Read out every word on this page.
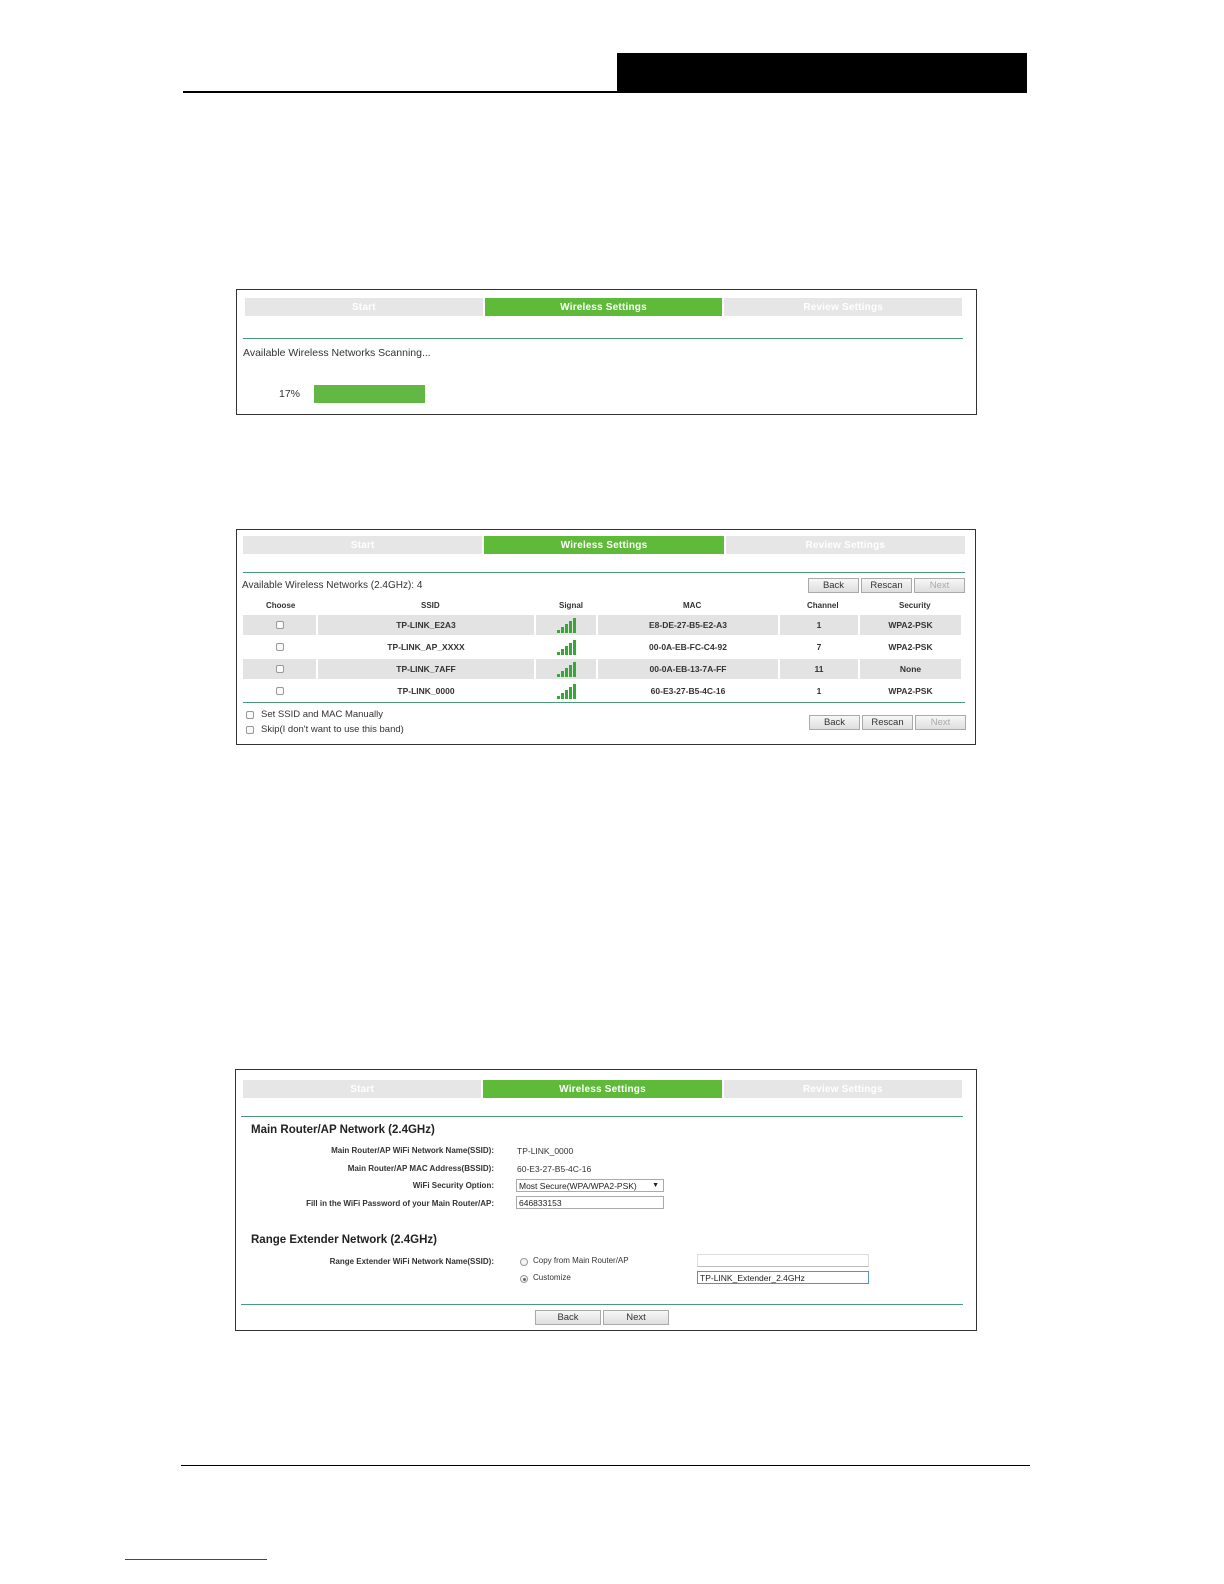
Start	Wireless Settings	Review Settings
Available Wireless Networks Scanning...
17%
Start	Wireless Settings	Review Settings
Available Wireless Networks (2.4GHz): 4	Back	Rescan	Next
Choose	SSID	Signal	MAC	Channel	Security
TP-LINK_E2A3	E8-DE-27-B5-E2-A3	1	WPA2-PSK
TP-LINK_AP_XXXX	00-0A-EB-FC-C4-92	7	WPA2-PSK
TP-LINK_7AFF	00-0A-EB-13-7A-FF	11	None
TP-LINK_0000	60-E3-27-B5-4C-16	1	WPA2-PSK
Set SSID and MAC Manually
Skip(I don't want to use this band)
Back	Rescan	Next
Start	Wireless Settings	Review Settings
Main Router/AP Network (2.4GHz)
Main Router/AP WiFi Network Name(SSID):	TP-LINK_0000
Main Router/AP MAC Address(BSSID):	60-E3-27-B5-4C-16
WiFi Security Option:	Most Secure(WPA/WPA2-PSK) ▼
Fill in the WiFi Password of your Main Router/AP:	646833153
Range Extender Network (2.4GHz)
Range Extender WiFi Network Name(SSID):	Copy from Main Router/AP
Customize	TP-LINK_Extender_2.4GHz
Back	Next
